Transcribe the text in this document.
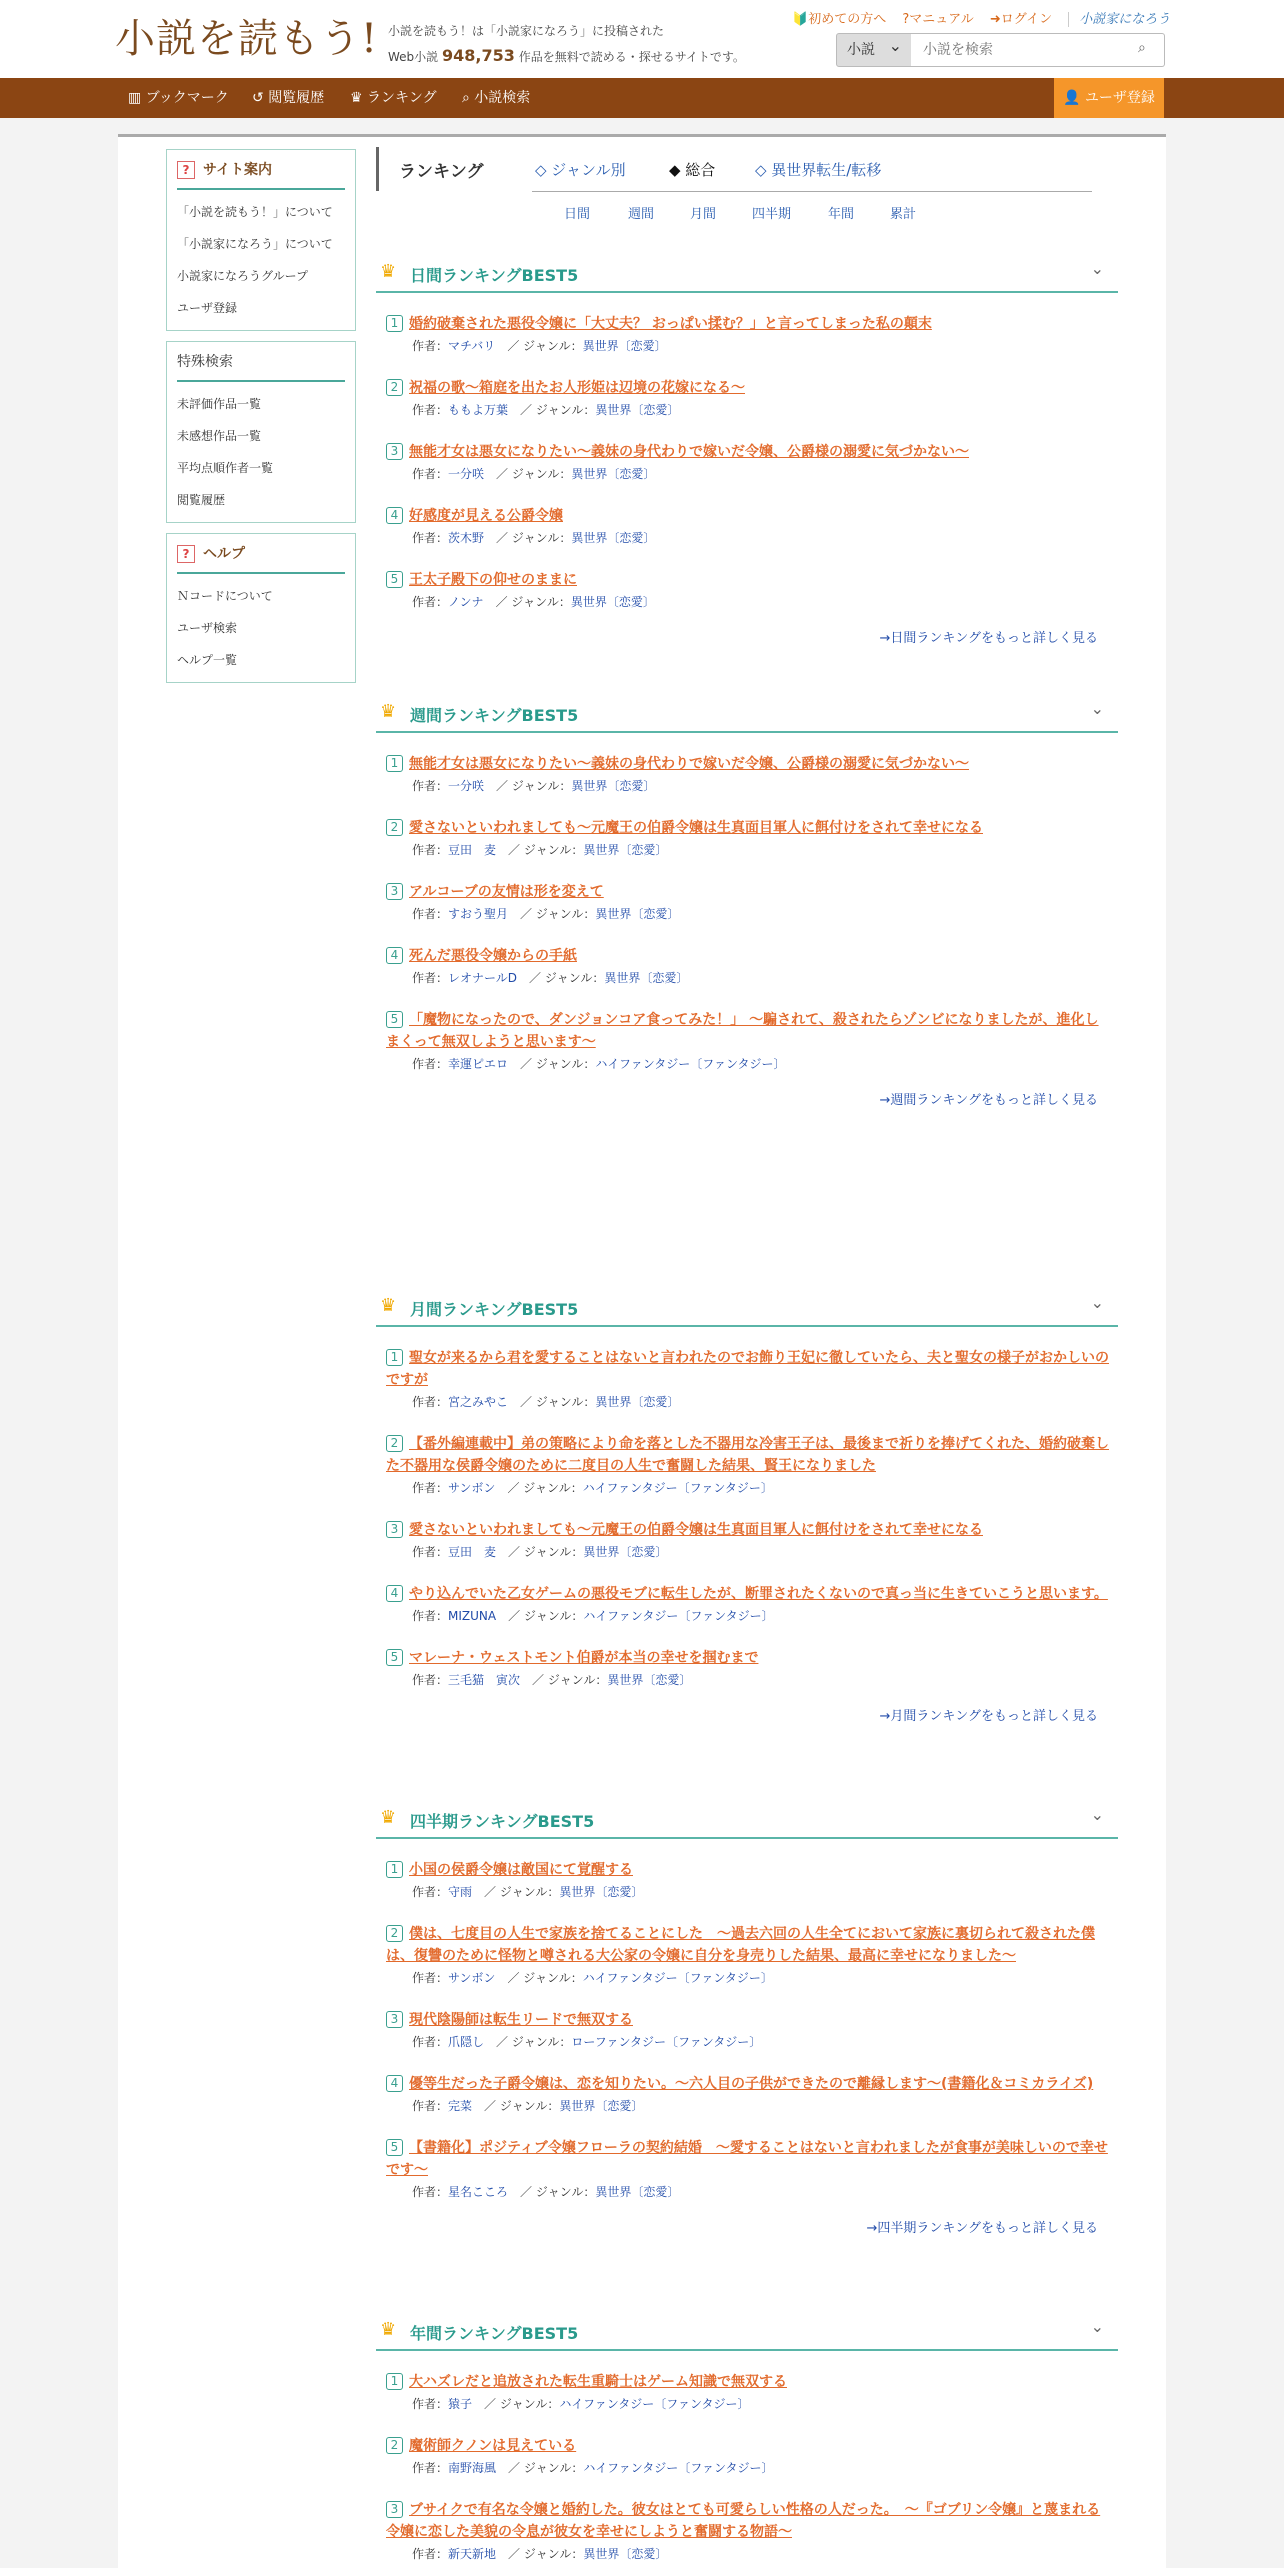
小説を読もう! 小説を読もう！は「小説家になろう」に投稿された
Web小説 948,753 作品を無料で読める・探せるサイトです。
🔰初めての方へ ?マニュアル ➜ログイン 小説家になろう
小説 ⌄
小説を検索	⌕
▥ ブックマーク ↺ 閲覧履歴 ♛ ランキング ⌕ 小説検索	👤 ユーザ登録
? サイト案内
「小説を読もう！」について
「小説家になろう」について
小説家になろうグループ
ユーザ登録
特殊検索
未評価作品一覧
未感想作品一覧
平均点順作者一覧
閲覧履歴
? ヘルプ
Ｎコードについて
ユーザ検索
ヘルプ一覧
ランキング	◇ ジャンル別	◆ 総合	◇ 異世界転生/転移
日間	週間	月間	四半期	年間	累計
♛ 日間ランキングBEST5	⌄
1 婚約破棄された悪役令嬢に「大丈夫？ おっぱい揉む？」と言ってしまった私の顛末
作者：マチバリ　 ／ ジャンル：異世界〔恋愛〕
2 祝福の歌～箱庭を出たお人形姫は辺境の花嫁になる～
作者：ももよ万葉　 ／ ジャンル：異世界〔恋愛〕
3 無能才女は悪女になりたい～義妹の身代わりで嫁いだ令嬢、公爵様の溺愛に気づかない～
作者：一分咲　 ／ ジャンル：異世界〔恋愛〕
4 好感度が見える公爵令嬢
作者：茨木野　 ／ ジャンル：異世界〔恋愛〕
5 王太子殿下の仰せのままに
作者：ノンナ　 ／ ジャンル：異世界〔恋愛〕
→日間ランキングをもっと詳しく見る
♛ 週間ランキングBEST5	⌄
1 無能才女は悪女になりたい～義妹の身代わりで嫁いだ令嬢、公爵様の溺愛に気づかない～
作者：一分咲　 ／ ジャンル：異世界〔恋愛〕
2 愛さないといわれましても～元魔王の伯爵令嬢は生真面目軍人に餌付けをされて幸せになる
作者：豆田　麦　 ／ ジャンル：異世界〔恋愛〕
3 アルコーブの友情は形を変えて
作者：すおう聖月　 ／ ジャンル：異世界〔恋愛〕
4 死んだ悪役令嬢からの手紙
作者：レオナールD　 ／ ジャンル：異世界〔恋愛〕
5 「魔物になったので、ダンジョンコア食ってみた！」 ～騙されて、殺されたらゾンビになりましたが、進化しまくって無双しようと思います～
作者：幸運ピエロ　 ／ ジャンル：ハイファンタジー〔ファンタジー〕
→週間ランキングをもっと詳しく見る
♛ 月間ランキングBEST5	⌄
1 聖女が来るから君を愛することはないと言われたのでお飾り王妃に徹していたら、夫と聖女の様子がおかしいのですが
作者：宮之みやこ　 ／ ジャンル：異世界〔恋愛〕
2 【番外編連載中】弟の策略により命を落とした不器用な冷害王子は、最後まで祈りを捧げてくれた、婚約破棄した不器用な侯爵令嬢のために二度目の人生で奮闘した結果、賢王になりました
作者：サンボン　 ／ ジャンル：ハイファンタジー〔ファンタジー〕
3 愛さないといわれましても～元魔王の伯爵令嬢は生真面目軍人に餌付けをされて幸せになる
作者：豆田　麦　 ／ ジャンル：異世界〔恋愛〕
4 やり込んでいた乙女ゲームの悪役モブに転生したが、断罪されたくないので真っ当に生きていこうと思います。
作者：MIZUNA　 ／ ジャンル：ハイファンタジー〔ファンタジー〕
5 マレーナ・ウェストモント伯爵が本当の幸せを掴むまで
作者：三毛猫　寅次　 ／ ジャンル：異世界〔恋愛〕
→月間ランキングをもっと詳しく見る
♛ 四半期ランキングBEST5	⌄
1 小国の侯爵令嬢は敵国にて覚醒する
作者：守雨　 ／ ジャンル：異世界〔恋愛〕
2 僕は、七度目の人生で家族を捨てることにした　～過去六回の人生全てにおいて家族に裏切られて殺された僕は、復讐のために怪物と噂される大公家の令嬢に自分を身売りした結果、最高に幸せになりました～
作者：サンボン　 ／ ジャンル：ハイファンタジー〔ファンタジー〕
3 現代陰陽師は転生リードで無双する
作者：爪隠し　 ／ ジャンル：ローファンタジー〔ファンタジー〕
4 優等生だった子爵令嬢は、恋を知りたい。～六人目の子供ができたので離縁します～(書籍化＆コミカライズ)
作者：完菜　 ／ ジャンル：異世界〔恋愛〕
5 【書籍化】ポジティブ令嬢フローラの契約結婚　～愛することはないと言われましたが食事が美味しいので幸せです～
作者：星名こころ　 ／ ジャンル：異世界〔恋愛〕
→四半期ランキングをもっと詳しく見る
♛ 年間ランキングBEST5	⌄
1 大ハズレだと追放された転生重騎士はゲーム知識で無双する
作者：猿子　 ／ ジャンル：ハイファンタジー〔ファンタジー〕
2 魔術師クノンは見えている
作者：南野海風　 ／ ジャンル：ハイファンタジー〔ファンタジー〕
3 ブサイクで有名な令嬢と婚約した。彼女はとても可愛らしい性格の人だった。　～『ゴブリン令嬢』と蔑まれる令嬢に恋した美貌の令息が彼女を幸せにしようと奮闘する物語～
作者：新天新地　 ／ ジャンル：異世界〔恋愛〕
